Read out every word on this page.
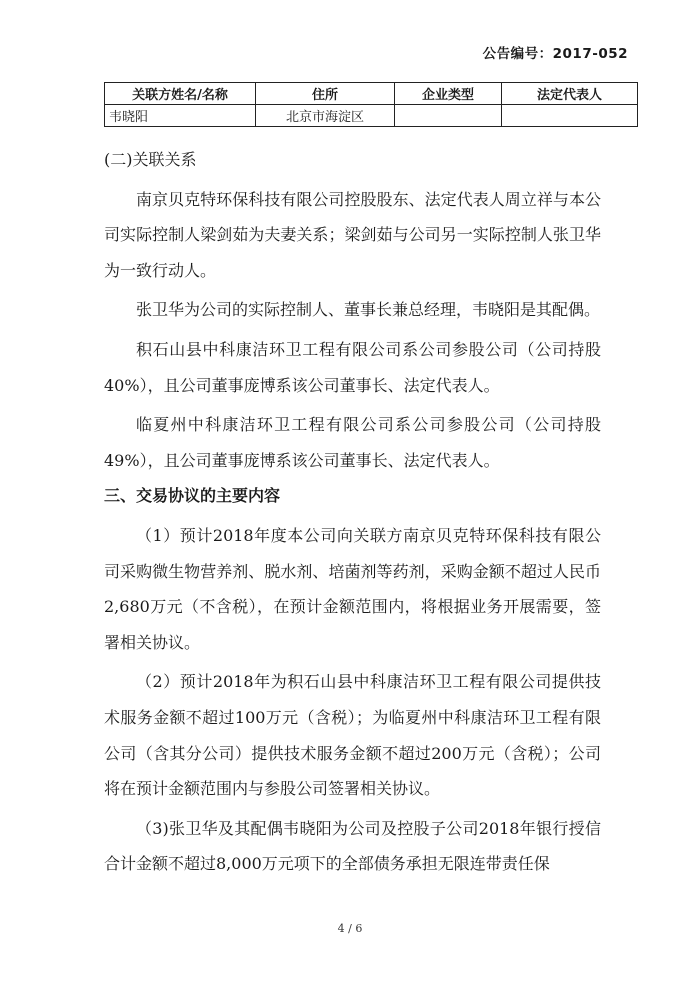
公告编号：2017-052
关联方姓名/名称	住所	企业类型	法定代表人
韦晓阳	北京市海淀区		

(二)关联关系

南京贝克特环保科技有限公司控股股东、法定代表人周立祥与本公司实际控制人梁剑茹为夫妻关系；梁剑茹与公司另一实际控制人张卫华为一致行动人。

张卫华为公司的实际控制人、董事长兼总经理，韦晓阳是其配偶。

积石山县中科康洁环卫工程有限公司系公司参股公司（公司持股40%），且公司董事庞博系该公司董事长、法定代表人。

临夏州中科康洁环卫工程有限公司系公司参股公司（公司持股49%），且公司董事庞博系该公司董事长、法定代表人。

三、交易协议的主要内容

（1）预计2018年度本公司向关联方南京贝克特环保科技有限公司采购微生物营养剂、脱水剂、培菌剂等药剂，采购金额不超过人民币2,680万元（不含税），在预计金额范围内，将根据业务开展需要，签署相关协议。

（2）预计2018年为积石山县中科康洁环卫工程有限公司提供技术服务金额不超过100万元（含税）；为临夏州中科康洁环卫工程有限公司（含其分公司）提供技术服务金额不超过200万元（含税）；公司将在预计金额范围内与参股公司签署相关协议。

（3)张卫华及其配偶韦晓阳为公司及控股子公司2018年银行授信合计金额不超过8,000万元项下的全部债务承担无限连带责任保

4 / 6
